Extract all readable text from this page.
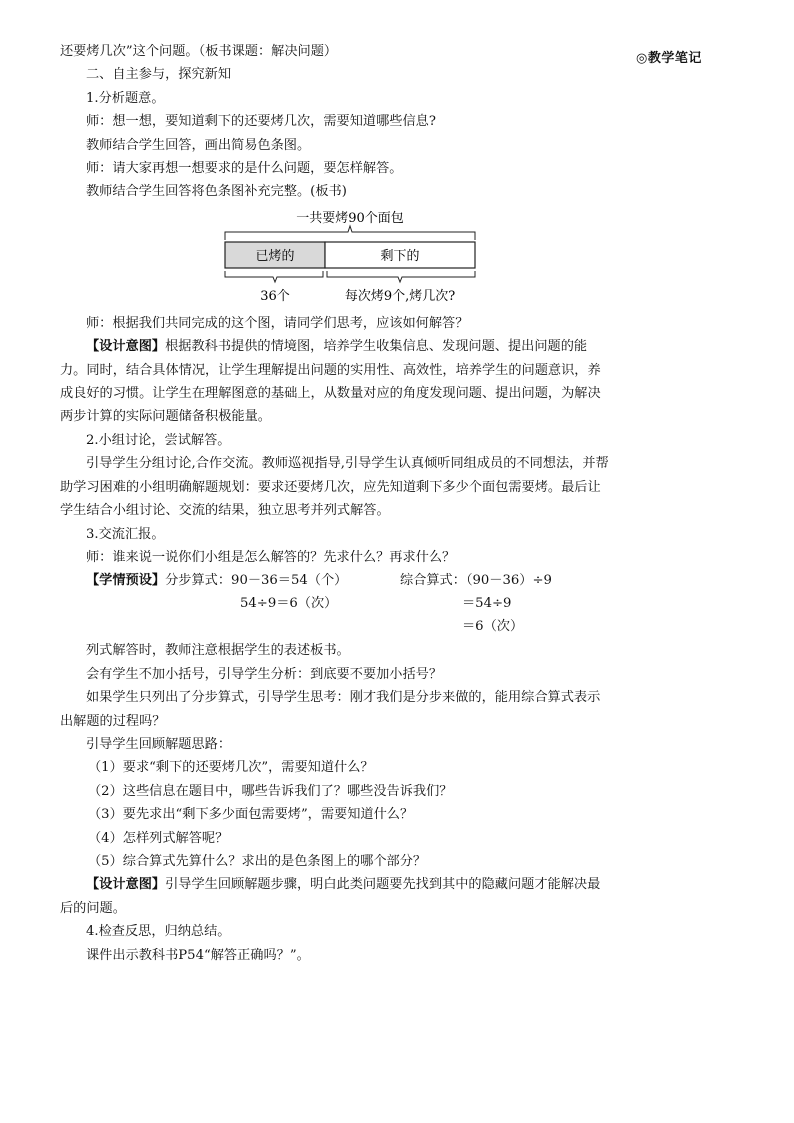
◎教学笔记

还要烤几次”这个问题。（板书课题：解决问题）

二、自主参与，探究新知

1.分析题意。

师：想一想，要知道剩下的还要烤几次，需要知道哪些信息?

教师结合学生回答，画出简易色条图。

师：请大家再想一想要求的是什么问题，要怎样解答。

教师结合学生回答将色条图补充完整。(板书)

一共要烤90个面包
已烤的	剩下的
36个	每次烤9个,烤几次?

师：根据我们共同完成的这个图，请同学们思考，应该如何解答？

【设计意图】根据教科书提供的情境图，培养学生收集信息、发现问题、提出问题的能力。同时，结合具体情况，让学生理解提出问题的实用性、高效性，培养学生的问题意识，养成良好的习惯。让学生在理解图意的基础上，从数量对应的角度发现问题、提出问题，为解决两步计算的实际问题储备积极能量。

2.小组讨论，尝试解答。

引导学生分组讨论,合作交流。教师巡视指导,引导学生认真倾听同组成员的不同想法，并帮助学习困难的小组明确解题规划：要求还要烤几次，应先知道剩下多少个面包需要烤。最后让学生结合小组讨论、交流的结果，独立思考并列式解答。

3.交流汇报。

师：谁来说一说你们小组是怎么解答的？先求什么？再求什么？

【学情预设】分步算式：90－36＝54（个）	综合算式：（90－36）÷9
54÷9＝6（次）	＝54÷9
＝6（次）

列式解答时，教师注意根据学生的表述板书。

会有学生不加小括号，引导学生分析：到底要不要加小括号？

如果学生只列出了分步算式，引导学生思考：刚才我们是分步来做的，能用综合算式表示出解题的过程吗？

引导学生回顾解题思路：

（1）要求“剩下的还要烤几次”，需要知道什么？

（2）这些信息在题目中，哪些告诉我们了？哪些没告诉我们？

（3）要先求出“剩下多少面包需要烤”，需要知道什么？

（4）怎样列式解答呢？

（5）综合算式先算什么？求出的是色条图上的哪个部分？

【设计意图】引导学生回顾解题步骤，明白此类问题要先找到其中的隐藏问题才能解决最后的问题。

4.检查反思，归纳总结。

课件出示教科书P54“解答正确吗？”。
